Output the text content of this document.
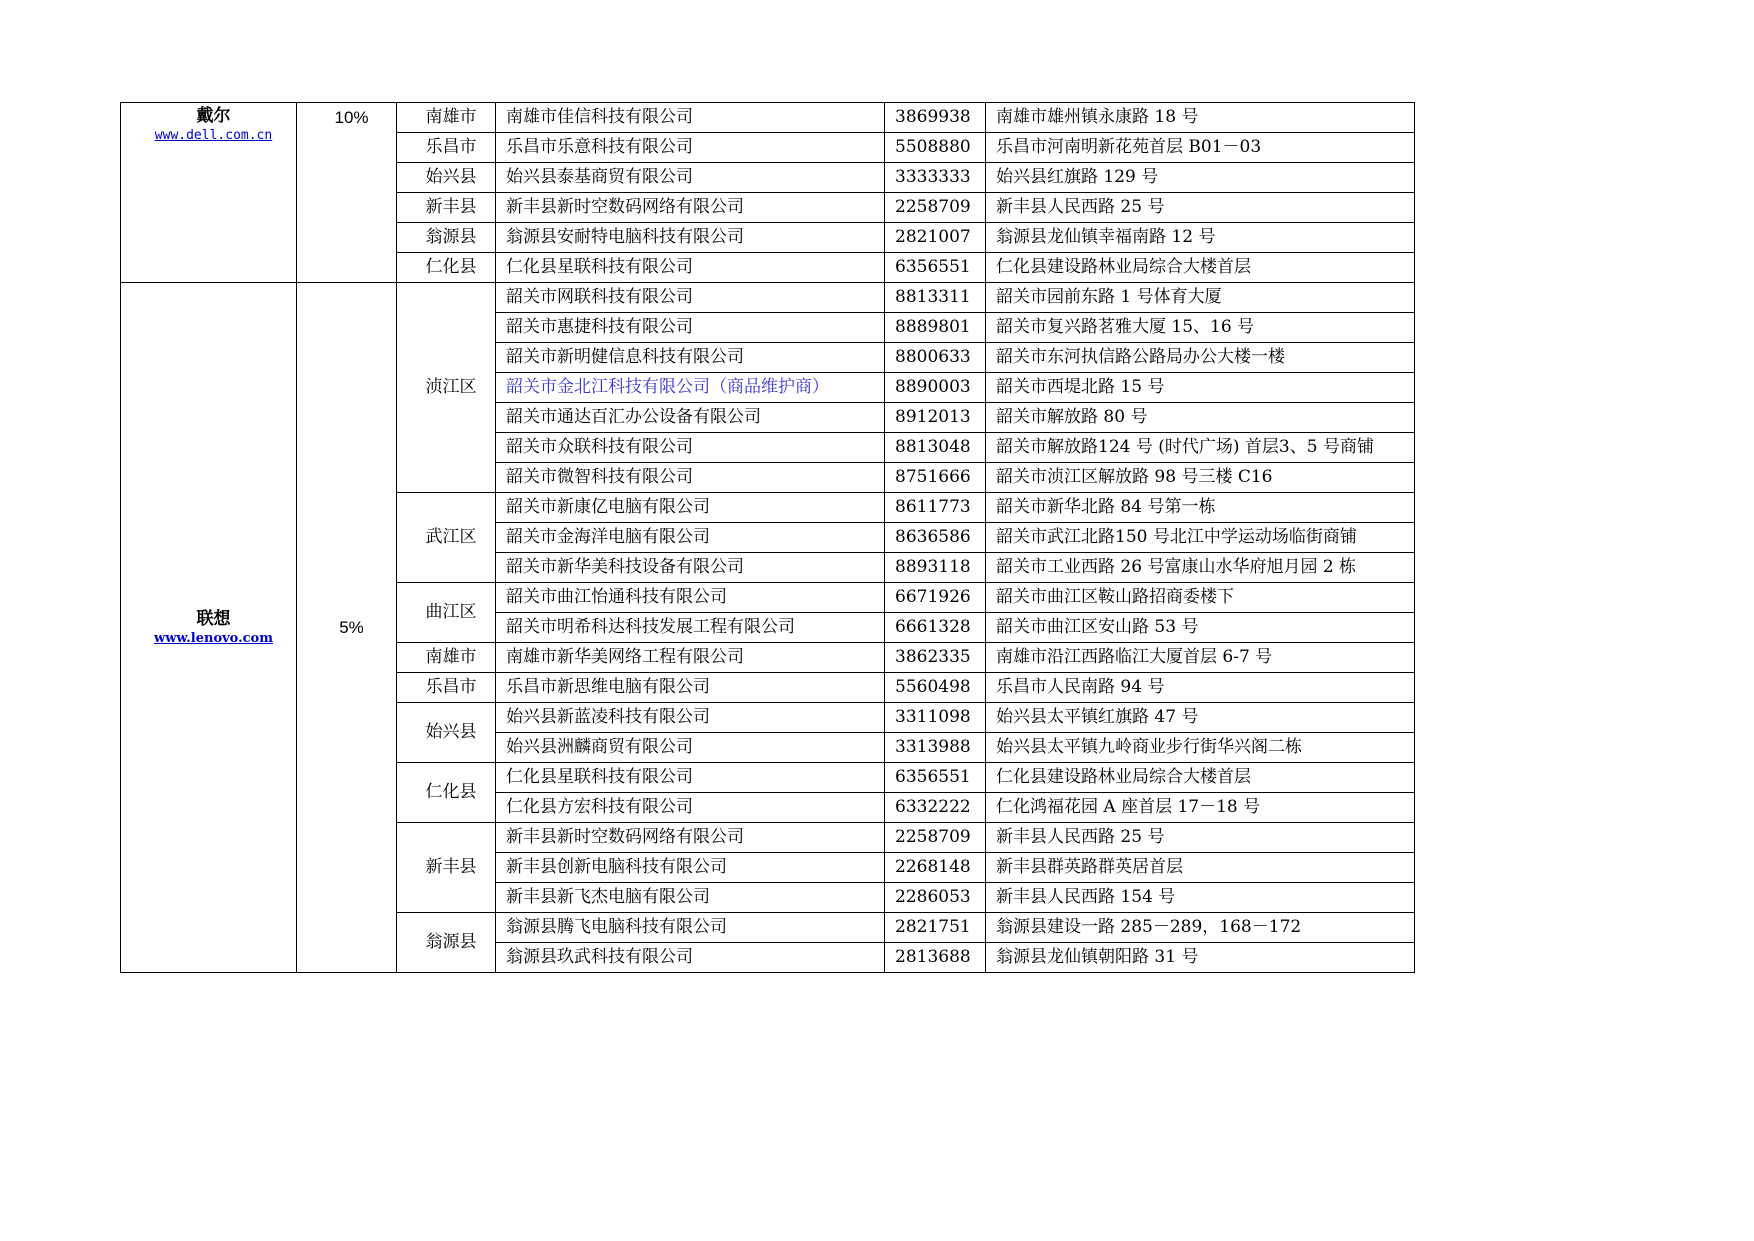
戴尔
www.dell.com.cn	10%	南雄市	南雄市佳信科技有限公司	3869938	南雄市雄州镇永康路 18 号
		乐昌市	乐昌市乐意科技有限公司	5508880	乐昌市河南明新花苑首层 B01－03
		始兴县	始兴县泰基商贸有限公司	3333333	始兴县红旗路 129 号
		新丰县	新丰县新时空数码网络有限公司	2258709	新丰县人民西路 25 号
		翁源县	翁源县安耐特电脑科技有限公司	2821007	翁源县龙仙镇幸福南路 12 号
		仁化县	仁化县星联科技有限公司	6356551	仁化县建设路林业局综合大楼首层

联想
www.lenovo.com	5%	浈江区	韶关市网联科技有限公司	8813311	韶关市园前东路 1 号体育大厦
			韶关市惠捷科技有限公司	8889801	韶关市复兴路茗雅大厦 15、16 号
			韶关市新明健信息科技有限公司	8800633	韶关市东河执信路公路局办公大楼一楼
			韶关市金北江科技有限公司（商品维护商）	8890003	韶关市西堤北路 15 号
			韶关市通达百汇办公设备有限公司	8912013	韶关市解放路 80 号
			韶关市众联科技有限公司	8813048	韶关市解放路124 号 (时代广场) 首层3、5 号商铺
			韶关市微智科技有限公司	8751666	韶关市浈江区解放路 98 号三楼 C16
		武江区	韶关市新康亿电脑有限公司	8611773	韶关市新华北路 84 号第一栋
			韶关市金海洋电脑有限公司	8636586	韶关市武江北路150 号北江中学运动场临街商铺
			韶关市新华美科技设备有限公司	8893118	韶关市工业西路 26 号富康山水华府旭月园 2 栋
		曲江区	韶关市曲江怡通科技有限公司	6671926	韶关市曲江区鞍山路招商委楼下
			韶关市明希科达科技发展工程有限公司	6661328	韶关市曲江区安山路 53 号
		南雄市	南雄市新华美网络工程有限公司	3862335	南雄市沿江西路临江大厦首层 6-7 号
		乐昌市	乐昌市新思维电脑有限公司	5560498	乐昌市人民南路 94 号
		始兴县	始兴县新蓝凌科技有限公司	3311098	始兴县太平镇红旗路 47 号
			始兴县洲麟商贸有限公司	3313988	始兴县太平镇九岭商业步行街华兴阁二栋
		仁化县	仁化县星联科技有限公司	6356551	仁化县建设路林业局综合大楼首层
			仁化县方宏科技有限公司	6332222	仁化鸿福花园 A 座首层 17－18 号
		新丰县	新丰县新时空数码网络有限公司	2258709	新丰县人民西路 25 号
			新丰县创新电脑科技有限公司	2268148	新丰县群英路群英居首层
			新丰县新飞杰电脑有限公司	2286053	新丰县人民西路 154 号
		翁源县	翁源县腾飞电脑科技有限公司	2821751	翁源县建设一路 285－289，168－172
			翁源县玖武科技有限公司	2813688	翁源县龙仙镇朝阳路 31 号
